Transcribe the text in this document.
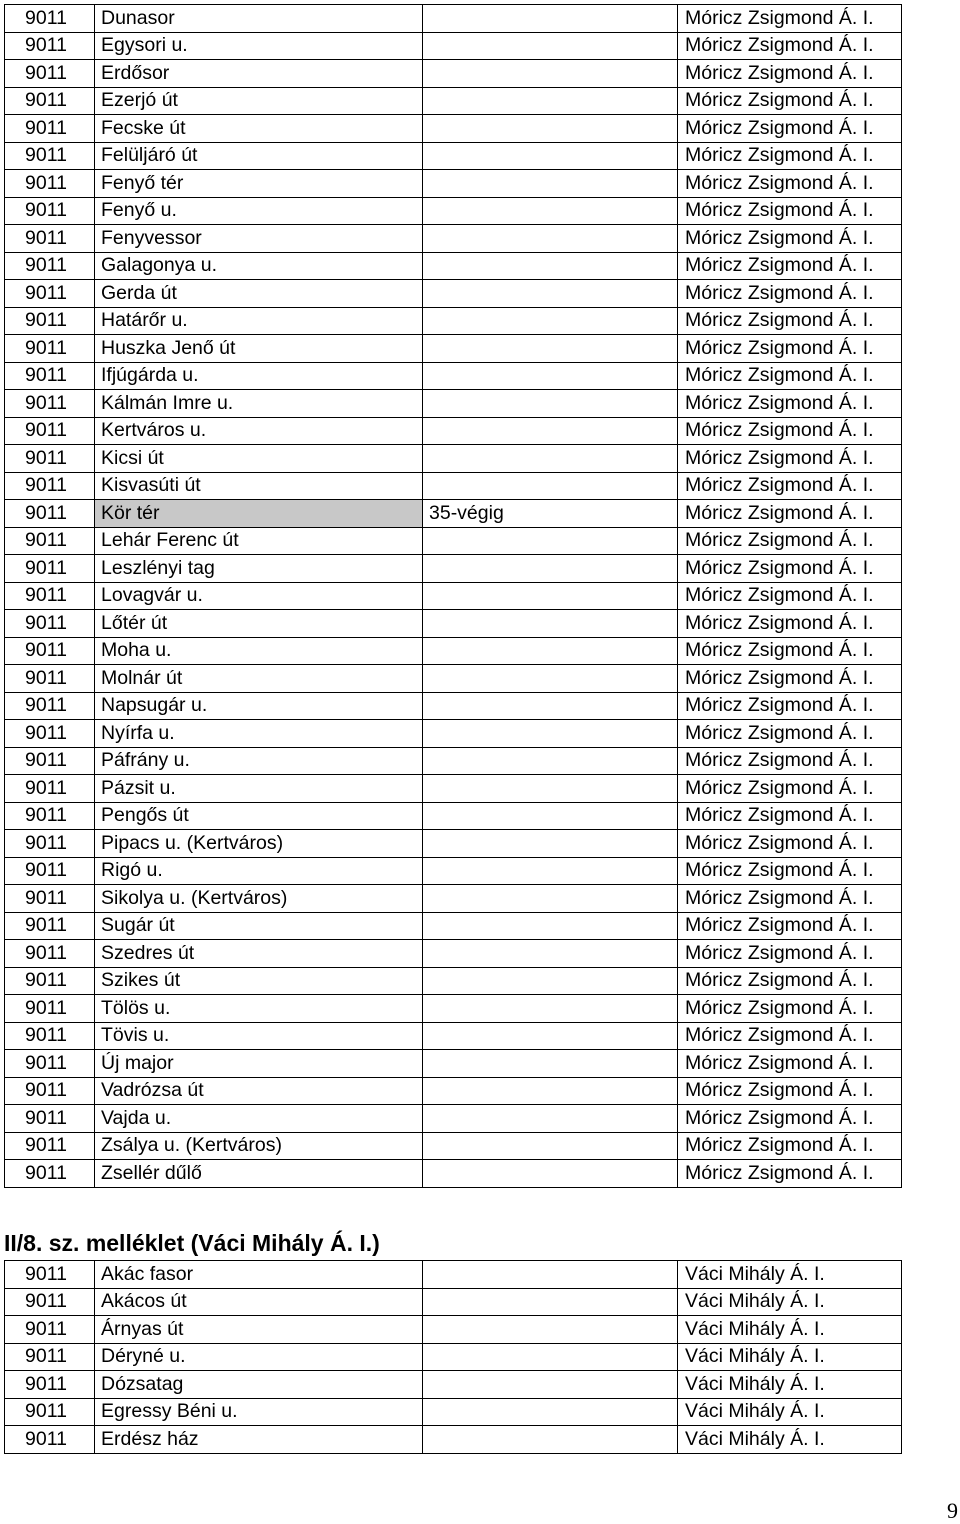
9011	Dunasor		Móricz Zsigmond Á. I.
9011	Egysori u.		Móricz Zsigmond Á. I.
9011	Erdősor		Móricz Zsigmond Á. I.
9011	Ezerjó út		Móricz Zsigmond Á. I.
9011	Fecske út		Móricz Zsigmond Á. I.
9011	Felüljáró út		Móricz Zsigmond Á. I.
9011	Fenyő tér		Móricz Zsigmond Á. I.
9011	Fenyő u.		Móricz Zsigmond Á. I.
9011	Fenyvessor		Móricz Zsigmond Á. I.
9011	Galagonya u.		Móricz Zsigmond Á. I.
9011	Gerda út		Móricz Zsigmond Á. I.
9011	Határőr u.		Móricz Zsigmond Á. I.
9011	Huszka Jenő út		Móricz Zsigmond Á. I.
9011	Ifjúgárda u.		Móricz Zsigmond Á. I.
9011	Kálmán Imre u.		Móricz Zsigmond Á. I.
9011	Kertváros u.		Móricz Zsigmond Á. I.
9011	Kicsi út		Móricz Zsigmond Á. I.
9011	Kisvasúti út		Móricz Zsigmond Á. I.
9011	Kör tér	35-végig	Móricz Zsigmond Á. I.
9011	Lehár Ferenc út		Móricz Zsigmond Á. I.
9011	Leszlényi tag		Móricz Zsigmond Á. I.
9011	Lovagvár u.		Móricz Zsigmond Á. I.
9011	Lőtér út		Móricz Zsigmond Á. I.
9011	Moha u.		Móricz Zsigmond Á. I.
9011	Molnár út		Móricz Zsigmond Á. I.
9011	Napsugár u.		Móricz Zsigmond Á. I.
9011	Nyírfa u.		Móricz Zsigmond Á. I.
9011	Páfrány u.		Móricz Zsigmond Á. I.
9011	Pázsit u.		Móricz Zsigmond Á. I.
9011	Pengős út		Móricz Zsigmond Á. I.
9011	Pipacs u. (Kertváros)		Móricz Zsigmond Á. I.
9011	Rigó u.		Móricz Zsigmond Á. I.
9011	Sikolya u. (Kertváros)		Móricz Zsigmond Á. I.
9011	Sugár út		Móricz Zsigmond Á. I.
9011	Szedres út		Móricz Zsigmond Á. I.
9011	Szikes út		Móricz Zsigmond Á. I.
9011	Tölös u.		Móricz Zsigmond Á. I.
9011	Tövis u.		Móricz Zsigmond Á. I.
9011	Új major		Móricz Zsigmond Á. I.
9011	Vadrózsa út		Móricz Zsigmond Á. I.
9011	Vajda u.		Móricz Zsigmond Á. I.
9011	Zsálya u. (Kertváros)		Móricz Zsigmond Á. I.
9011	Zsellér dűlő		Móricz Zsigmond Á. I.
II/8. sz. melléklet (Váci Mihály Á. I.)
9011	Akác fasor		Váci Mihály Á. I.
9011	Akácos út		Váci Mihály Á. I.
9011	Árnyas út		Váci Mihály Á. I.
9011	Déryné u.		Váci Mihály Á. I.
9011	Dózsatag		Váci Mihály Á. I.
9011	Egressy Béni u.		Váci Mihály Á. I.
9011	Erdész ház		Váci Mihály Á. I.
9
